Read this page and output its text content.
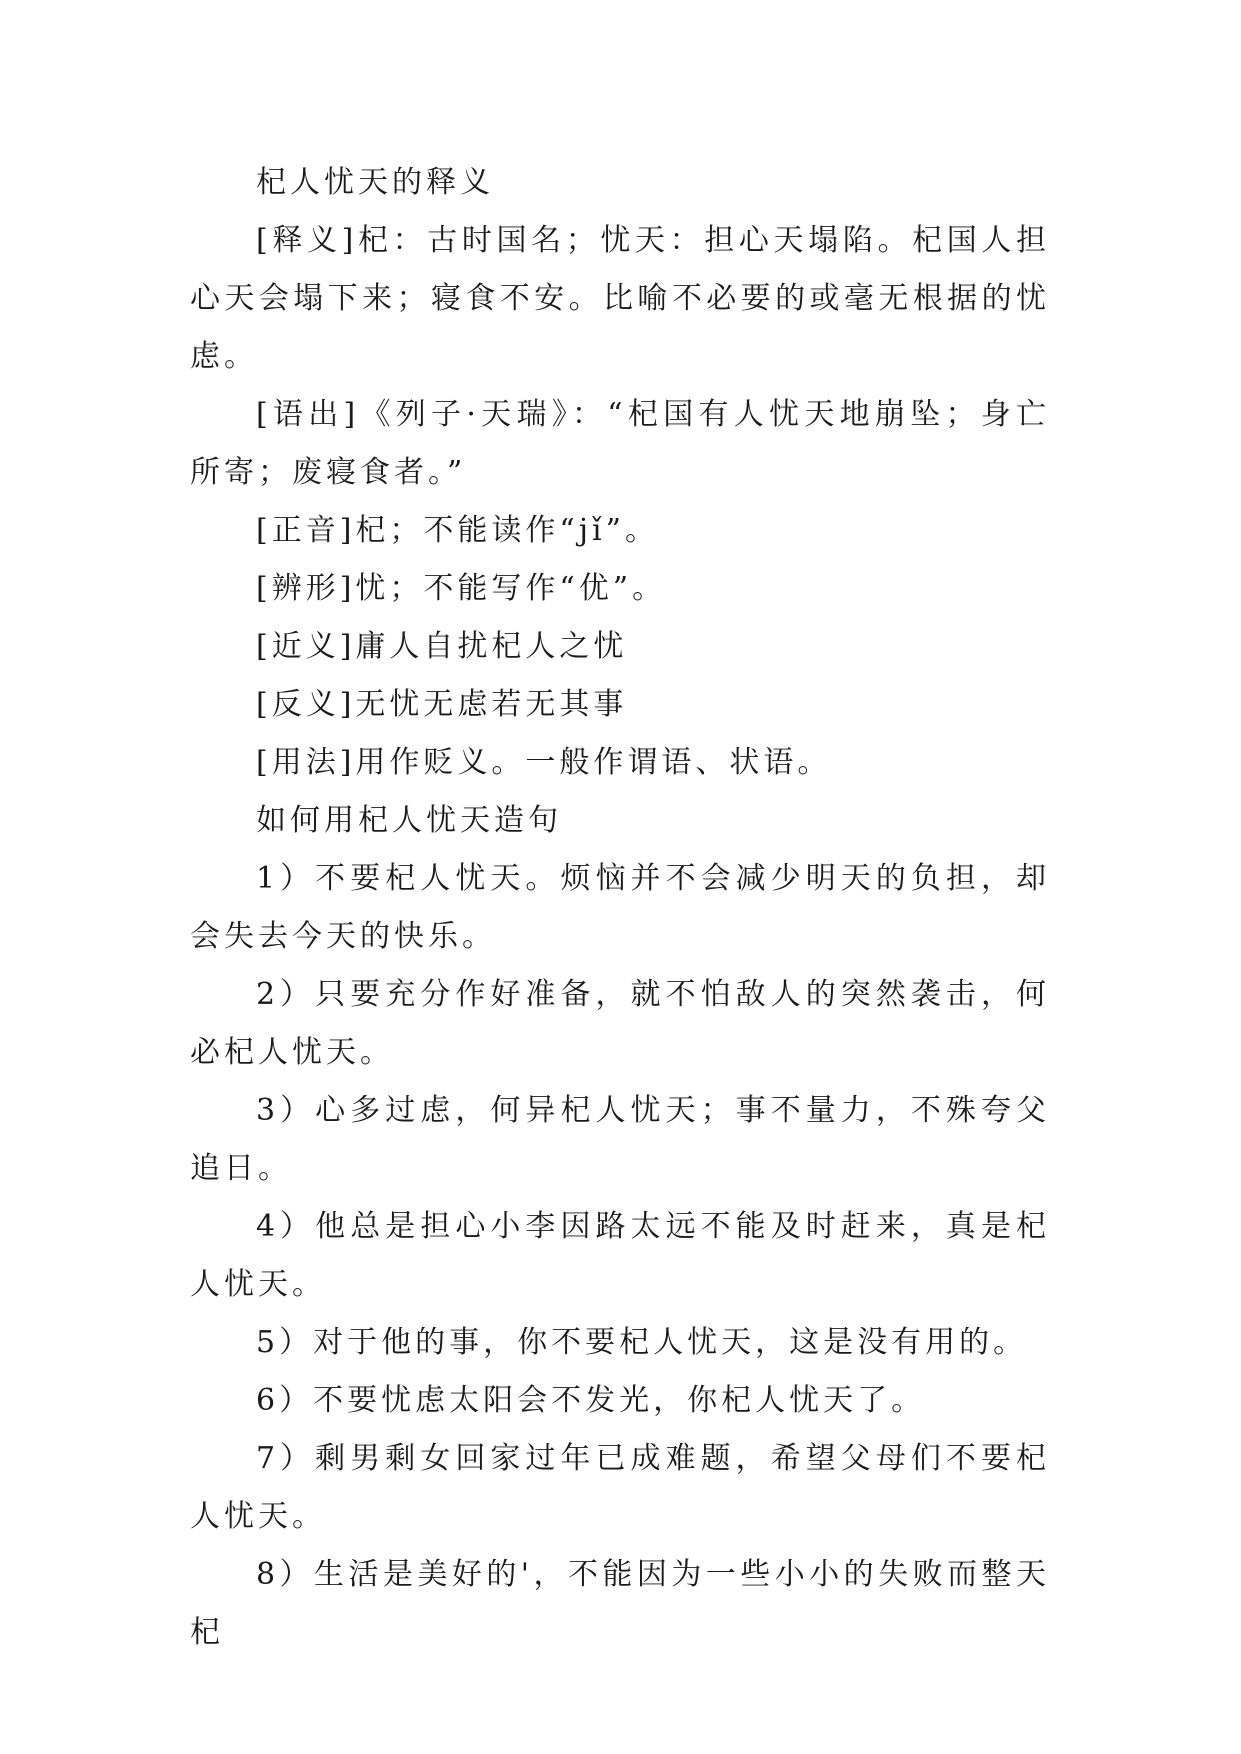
杞人忧天的释义

[释义]杞：古时国名；忧天：担心天塌陷。杞国人担心天会塌下来；寝食不安。比喻不必要的或毫无根据的忧虑。

[语出]《列子·天瑞》：“杞国有人忧天地崩坠；身亡所寄；废寝食者。”

[正音]杞；不能读作“jǐ”。

[辨形]忧；不能写作“优”。

[近义]庸人自扰杞人之忧

[反义]无忧无虑若无其事

[用法]用作贬义。一般作谓语、状语。

如何用杞人忧天造句

1）不要杞人忧天。烦恼并不会减少明天的负担，却会失去今天的快乐。

2）只要充分作好准备，就不怕敌人的突然袭击，何必杞人忧天。

3）心多过虑，何异杞人忧天；事不量力，不殊夸父追日。

4）他总是担心小李因路太远不能及时赶来，真是杞人忧天。

5）对于他的事，你不要杞人忧天，这是没有用的。

6）不要忧虑太阳会不发光，你杞人忧天了。

7）剩男剩女回家过年已成难题，希望父母们不要杞人忧天。

8）生活是美好的'，不能因为一些小小的失败而整天杞
